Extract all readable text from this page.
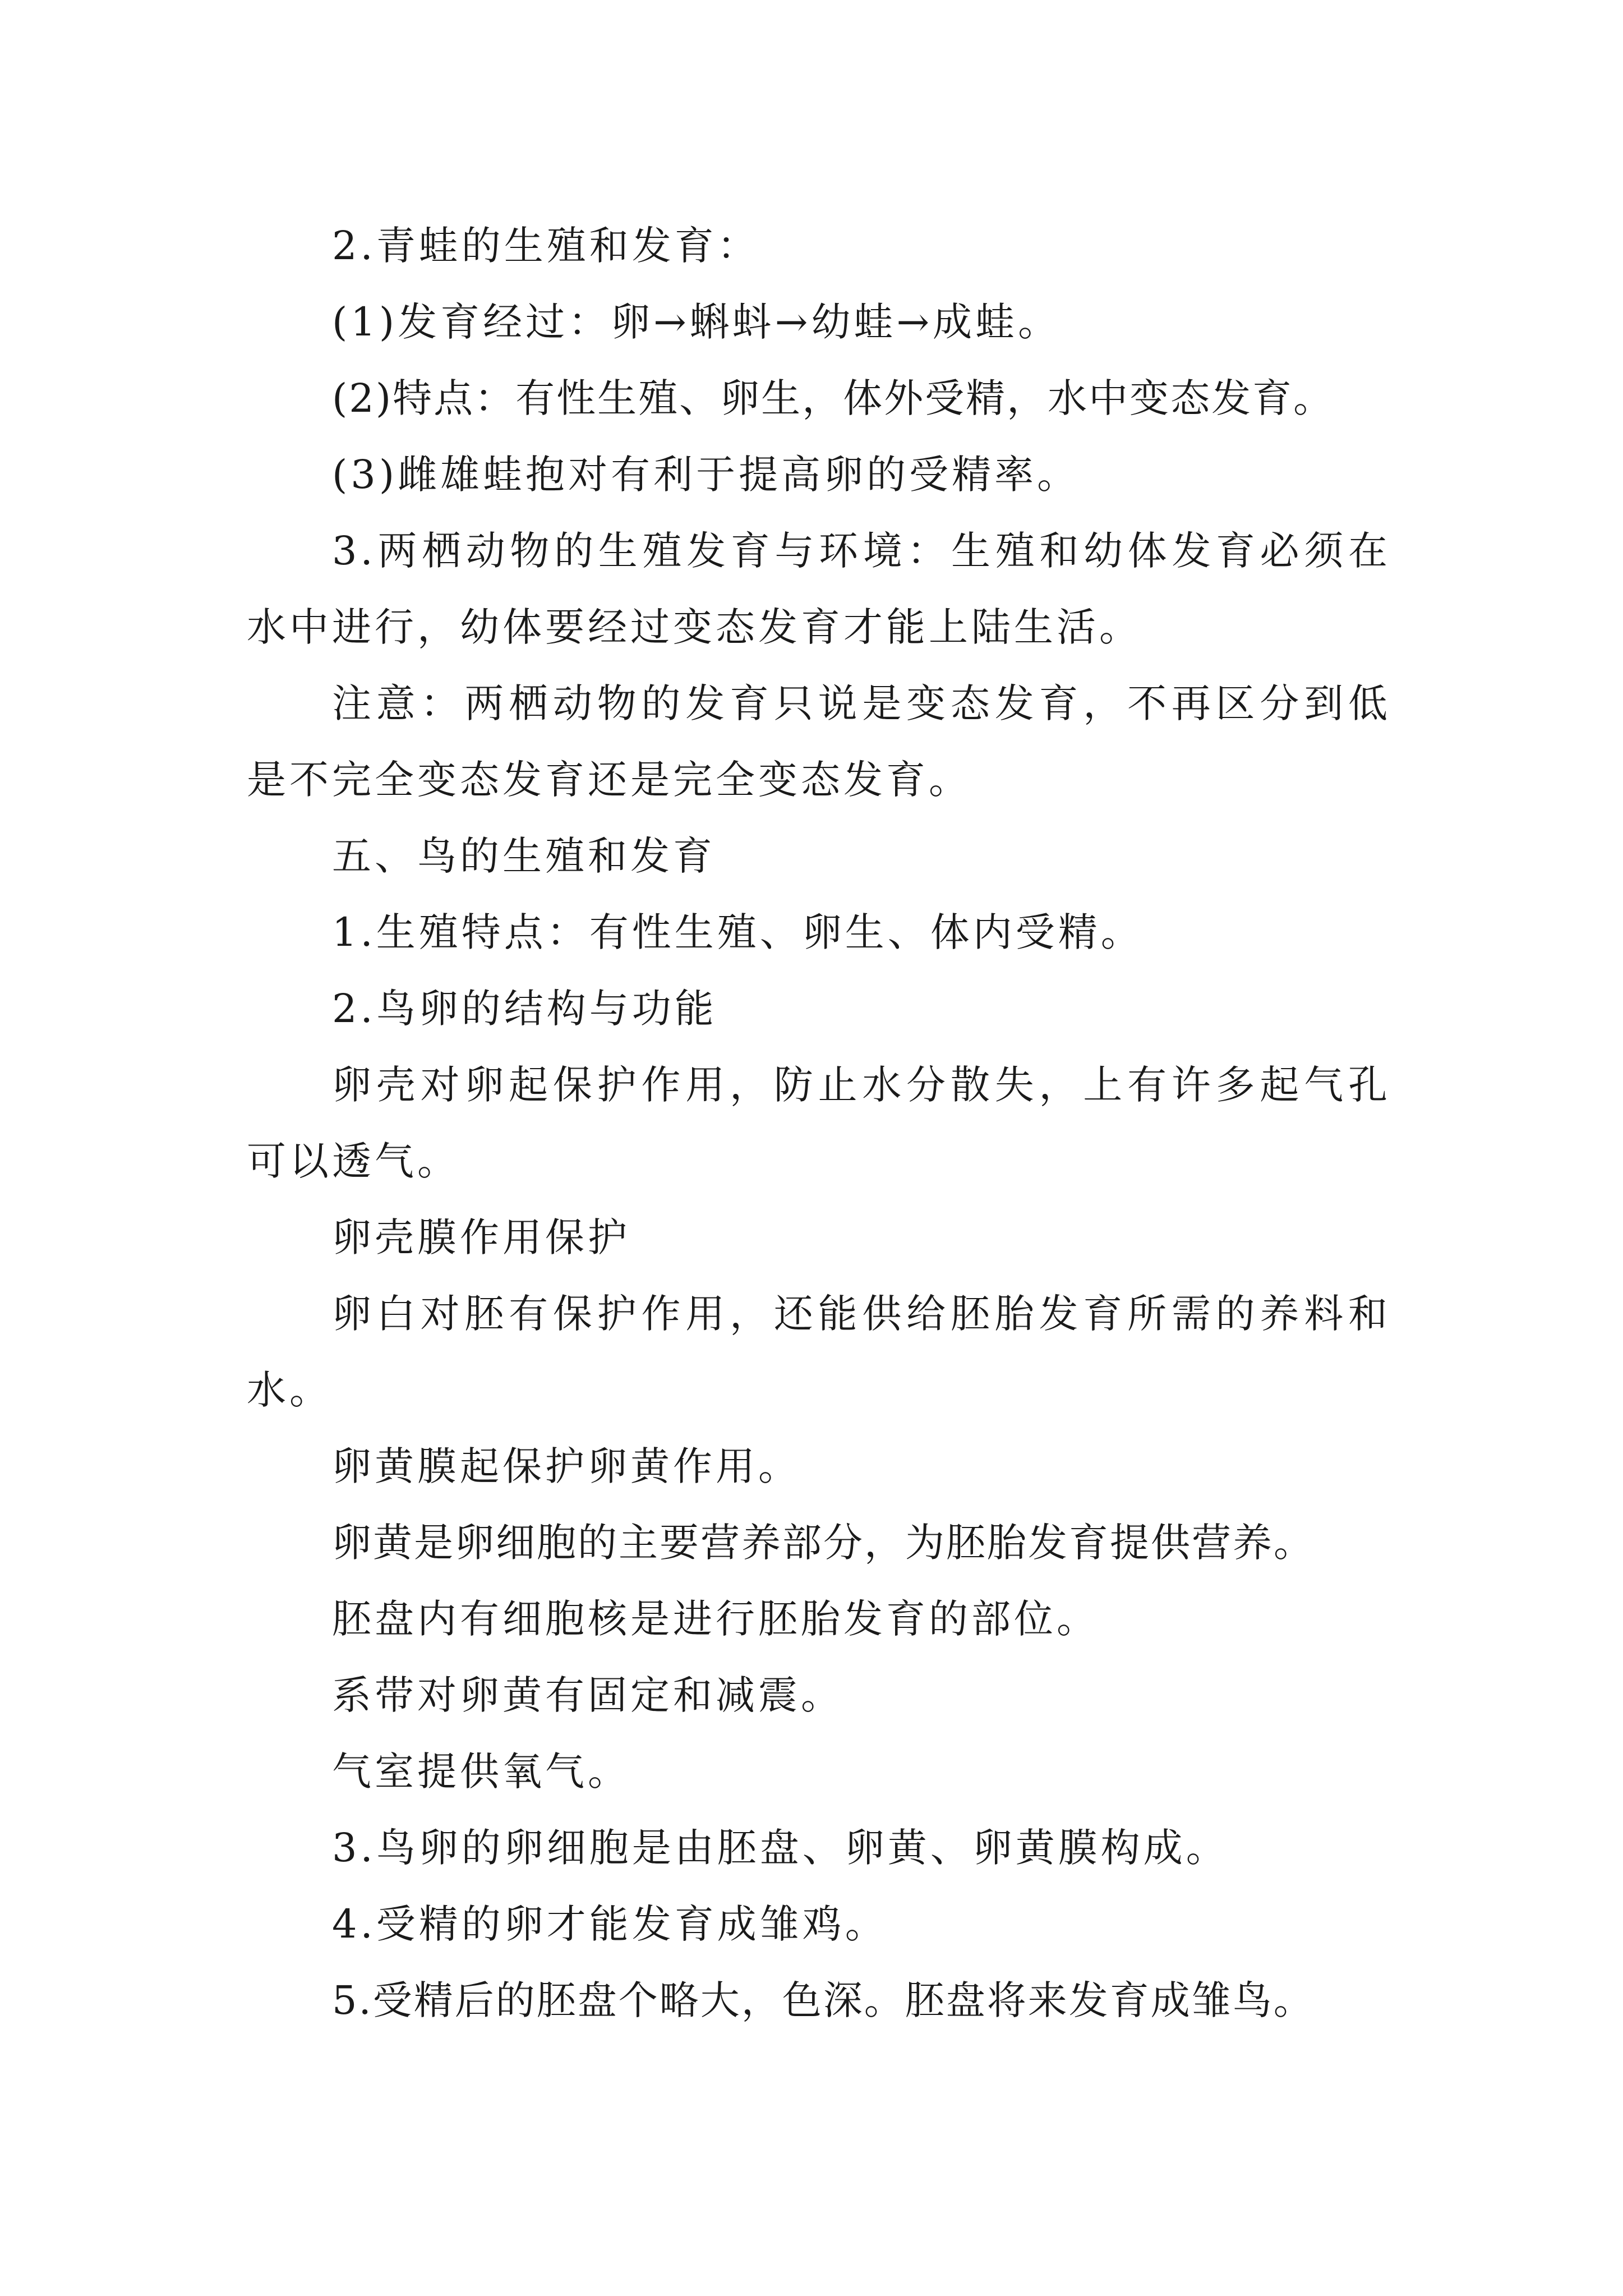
2.青蛙的生殖和发育：

(1)发育经过：卵→蝌蚪→幼蛙→成蛙。

(2)特点：有性生殖、卵生，体外受精，水中变态发育。

(3)雌雄蛙抱对有利于提高卵的受精率。

3.两栖动物的生殖发育与环境：生殖和幼体发育必须在水中进行，幼体要经过变态发育才能上陆生活。

注意：两栖动物的发育只说是变态发育，不再区分到低是不完全变态发育还是完全变态发育。

五、鸟的生殖和发育

1.生殖特点：有性生殖、卵生、体内受精。

2.鸟卵的结构与功能

卵壳对卵起保护作用，防止水分散失，上有许多起气孔可以透气。

卵壳膜作用保护

卵白对胚有保护作用，还能供给胚胎发育所需的养料和水。

卵黄膜起保护卵黄作用。

卵黄是卵细胞的主要营养部分，为胚胎发育提供营养。

胚盘内有细胞核是进行胚胎发育的部位。

系带对卵黄有固定和减震。

气室提供氧气。

3.鸟卵的卵细胞是由胚盘、卵黄、卵黄膜构成。

4.受精的卵才能发育成雏鸡。

5.受精后的胚盘个略大，色深。胚盘将来发育成雏鸟。
